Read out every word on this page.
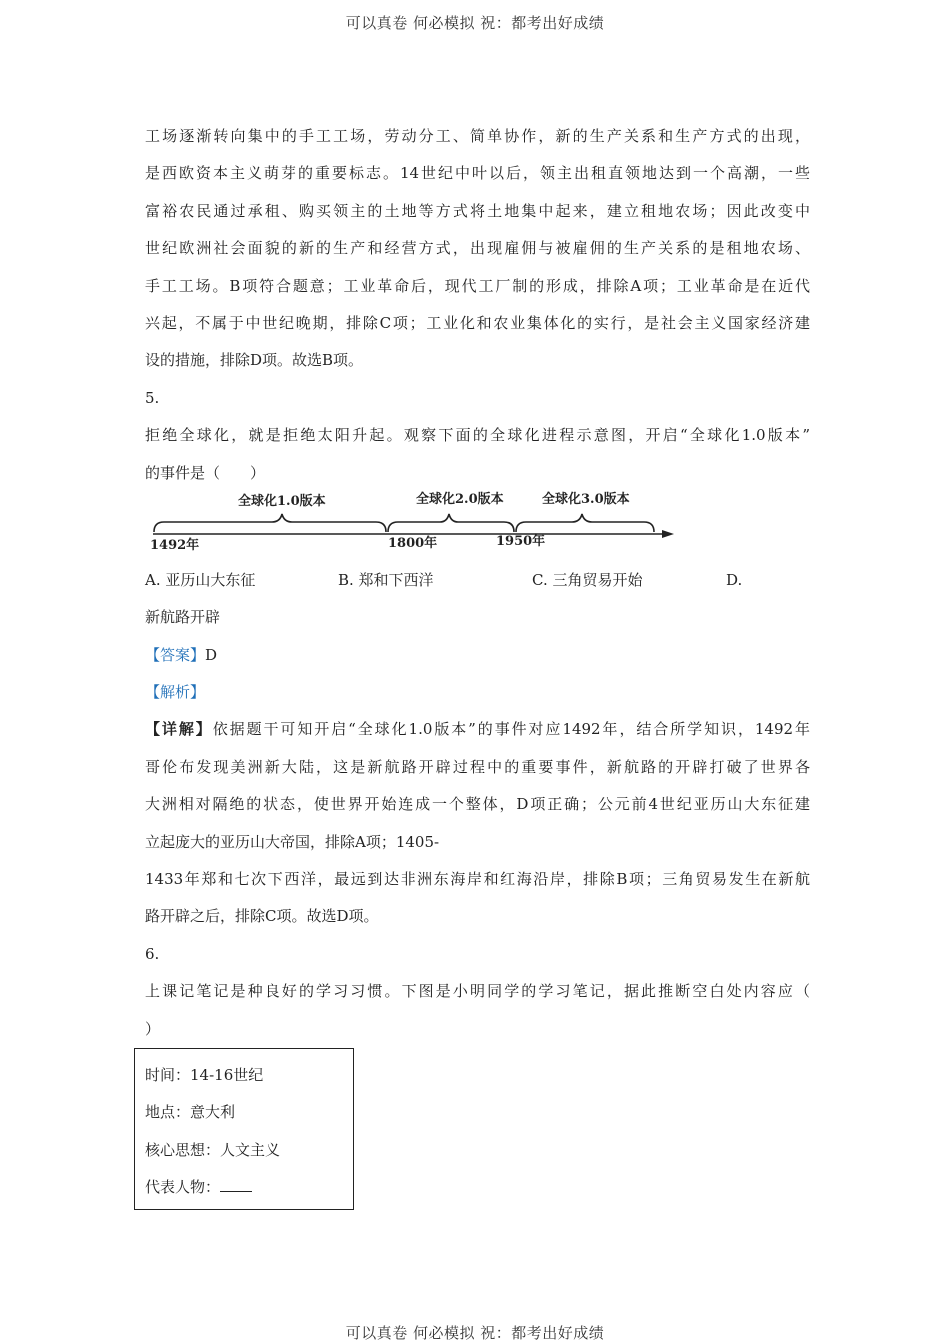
可以真卷 何必模拟 祝：都考出好成绩
工场逐渐转向集中的手工工场，劳动分工、简单协作，新的生产关系和生产方式的出现，
是西欧资本主义萌芽的重要标志。14世纪中叶以后，领主出租直领地达到一个高潮，一些
富裕农民通过承租、购买领主的土地等方式将土地集中起来，建立租地农场；因此改变中
世纪欧洲社会面貌的新的生产和经营方式，出现雇佣与被雇佣的生产关系的是租地农场、
手工工场。B项符合题意；工业革命后，现代工厂制的形成，排除A项；工业革命是在近代
兴起，不属于中世纪晚期，排除C项；工业化和农业集体化的实行，是社会主义国家经济建
设的措施，排除D项。故选B项。
5.
拒绝全球化，就是拒绝太阳升起。观察下面的全球化进程示意图，开启“全球化1.0版本”
的事件是（　　）
全球化1.0版本	全球化2.0版本	全球化3.0版本
1492年	1800年	1950年
A. 亚历山大东征	B. 郑和下西洋	C. 三角贸易开始	D.
新航路开辟
【答案】D
【解析】
【详解】依据题干可知开启“全球化1.0版本”的事件对应1492年，结合所学知识，1492年
哥伦布发现美洲新大陆，这是新航路开辟过程中的重要事件，新航路的开辟打破了世界各
大洲相对隔绝的状态，使世界开始连成一个整体，D项正确；公元前4世纪亚历山大东征建
立起庞大的亚历山大帝国，排除A项；1405-
1433年郑和七次下西洋，最远到达非洲东海岸和红海沿岸，排除B项；三角贸易发生在新航
路开辟之后，排除C项。故选D项。
6.
上课记笔记是种良好的学习习惯。下图是小明同学的学习笔记，据此推断空白处内容应（
）
时间：14-16世纪
地点：意大利
核心思想：人文主义
代表人物：
可以真卷 何必模拟 祝：都考出好成绩
